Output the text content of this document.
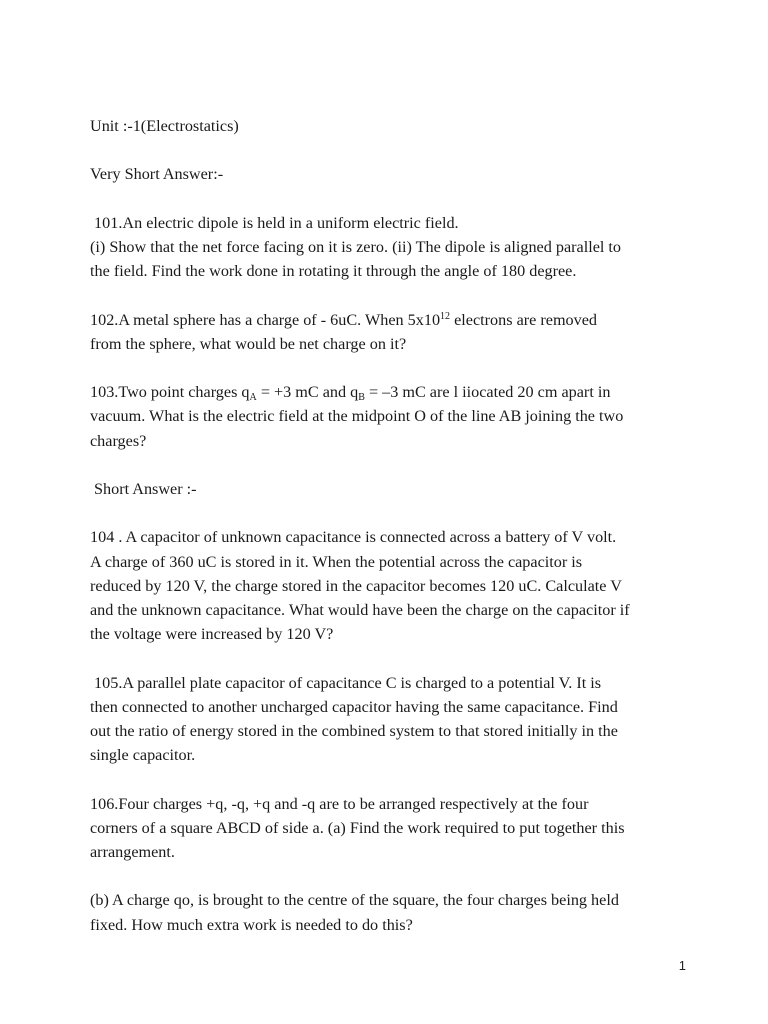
Unit :-1(Electrostatics)

Very Short Answer:-

101.An electric dipole is held in a uniform electric field.

(i) Show that the net force facing on it is zero. (ii) The dipole is aligned parallel to

the field. Find the work done in rotating it through the angle of 180 degree.

102.A metal sphere has a charge of - 6uC. When $5x10^{12}$ electrons are removed

from the sphere, what would be net charge on it?

103.Two point charges $q_A = +3$ mC and $q_B = -3$ mC are l iiocated 20 cm apart in

vacuum. What is the electric field at the midpoint O of the line AB joining the two

charges?

Short Answer :-

104 . A capacitor of unknown capacitance is connected across a battery of V volt.

A charge of 360 uC is stored in it. When the potential across the capacitor is

reduced by 120 V, the charge stored in the capacitor becomes 120 uC. Calculate V

and the unknown capacitance. What would have been the charge on the capacitor if

the voltage were increased by 120 V?

105.A parallel plate capacitor of capacitance C is charged to a potential V. It is

then connected to another uncharged capacitor having the same capacitance. Find

out the ratio of energy stored in the combined system to that stored initially in the

single capacitor.

106.Four charges +q, -q, +q and -q are to be arranged respectively at the four

corners of a square ABCD of side a. (a) Find the work required to put together this

arrangement.

(b) A charge qo, is brought to the centre of the square, the four charges being held

fixed. How much extra work is needed to do this?

1
